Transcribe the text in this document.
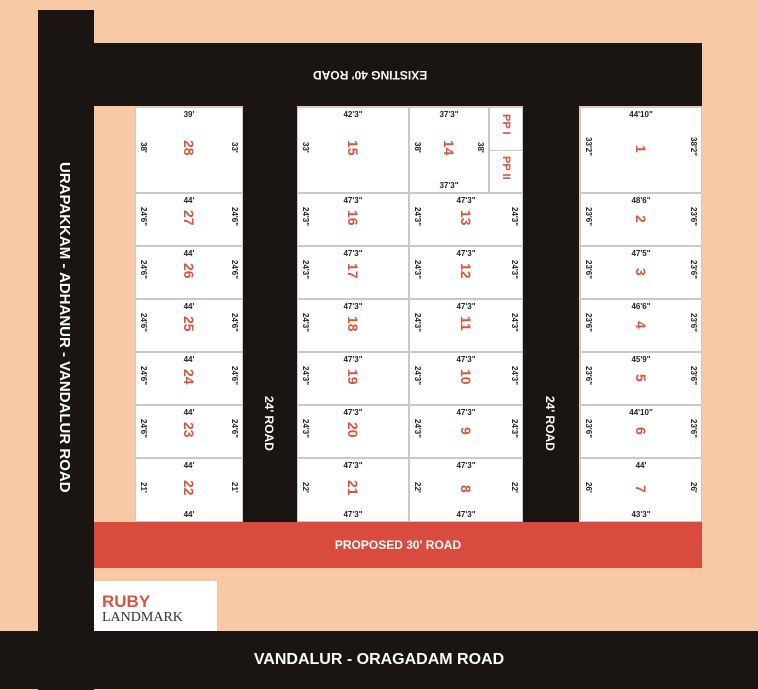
EXISTING 40' ROAD
URAPAKKAM - ADHANUR - VANDALUR ROAD	24' ROAD	24' ROAD
PROPOSED 30' ROAD
VANDALUR - ORAGADAM ROAD
RUBY
LANDMARK
PP I
PP II
1
44'10"
33'2"	38'2"
2
48'6"
23'6"	23'6"
3
47'5"
23'6"	23'6"
4
46'6"
23'6"	23'6"
5
45'9"
23'6"	23'6"
6
44'10"
23'6"	23'6"
7
44'
43'3"
26'	26'
8
47'3"
47'3"
22'	22'
9
47'3"
24'3"	24'3"
10
47'3"
24'3"	24'3"
11
47'3"
24'3"	24'3"
12
47'3"
24'3"	24'3"
13
47'3"
24'3"	24'3"
14
37'3"
37'3"
38'	38'
15
42'3"
33'
16
47'3"
24'3"
17
47'3"
24'3"
18
47'3"
24'3"
19
47'3"
24'3"
20
47'3"
24'3"
21
47'3"
47'3"
22'
22
44'
44'
21'	21'
23
44'
24'6"	24'6"
24
44'
24'6"	24'6"
25
44'
24'6"	24'6"
26
44'
24'6"	24'6"
27
44'
24'6"	24'6"
28
39'
38'	33'
